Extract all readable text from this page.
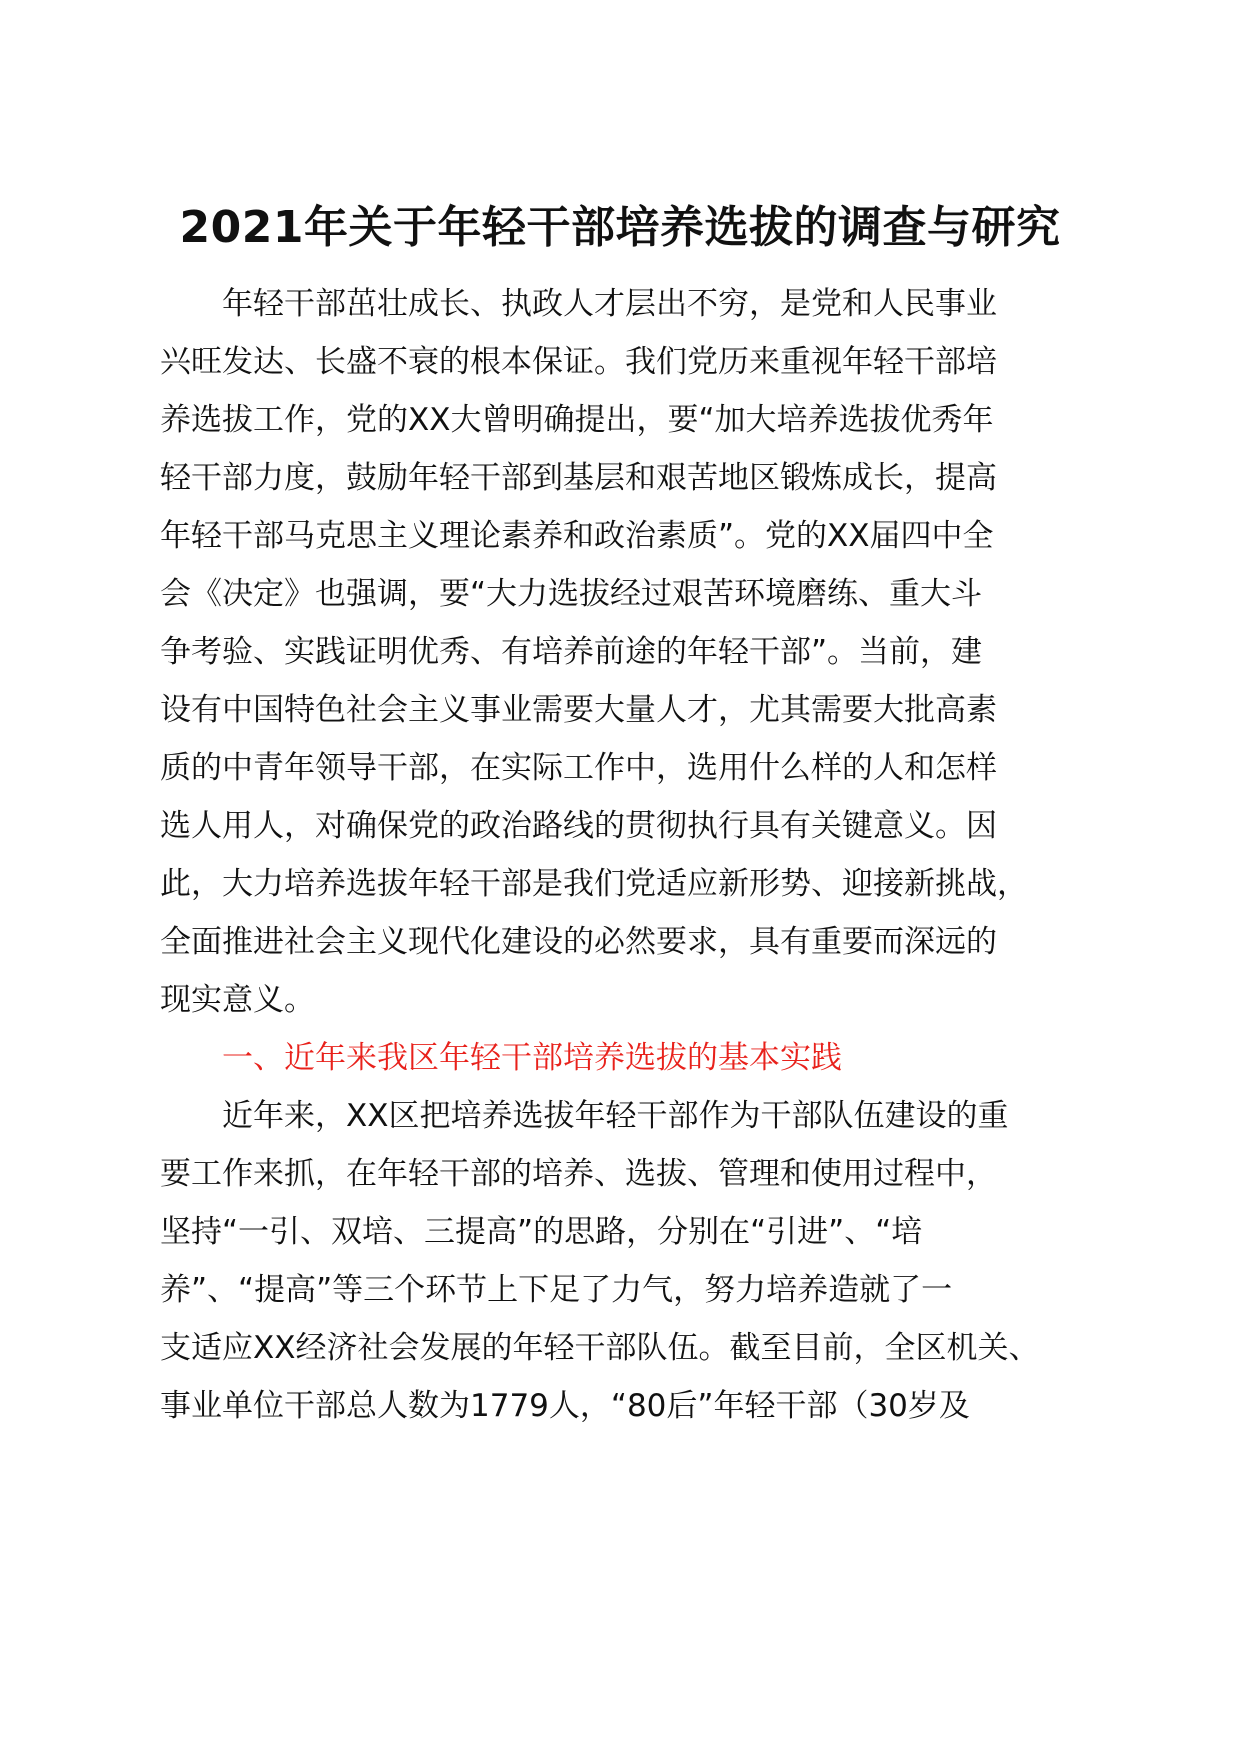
2021年关于年轻干部培养选拔的调查与研究
年轻干部茁壮成长、执政人才层出不穷，是党和人民事业
兴旺发达、长盛不衰的根本保证。我们党历来重视年轻干部培
养选拔工作，党的XX大曾明确提出，要“加大培养选拔优秀年
轻干部力度，鼓励年轻干部到基层和艰苦地区锻炼成长，提高
年轻干部马克思主义理论素养和政治素质”。党的XX届四中全
会《决定》也强调，要“大力选拔经过艰苦环境磨练、重大斗
争考验、实践证明优秀、有培养前途的年轻干部”。当前，建
设有中国特色社会主义事业需要大量人才，尤其需要大批高素
质的中青年领导干部，在实际工作中，选用什么样的人和怎样
选人用人，对确保党的政治路线的贯彻执行具有关键意义。因
此，大力培养选拔年轻干部是我们党适应新形势、迎接新挑战，
全面推进社会主义现代化建设的必然要求，具有重要而深远的
现实意义。
一、近年来我区年轻干部培养选拔的基本实践
近年来，XX区把培养选拔年轻干部作为干部队伍建设的重
要工作来抓，在年轻干部的培养、选拔、管理和使用过程中，
坚持“一引、双培、三提高”的思路，分别在“引进”、“培
养”、“提高”等三个环节上下足了力气，努力培养造就了一
支适应XX经济社会发展的年轻干部队伍。截至目前，全区机关、
事业单位干部总人数为1779人，“80后”年轻干部（30岁及
